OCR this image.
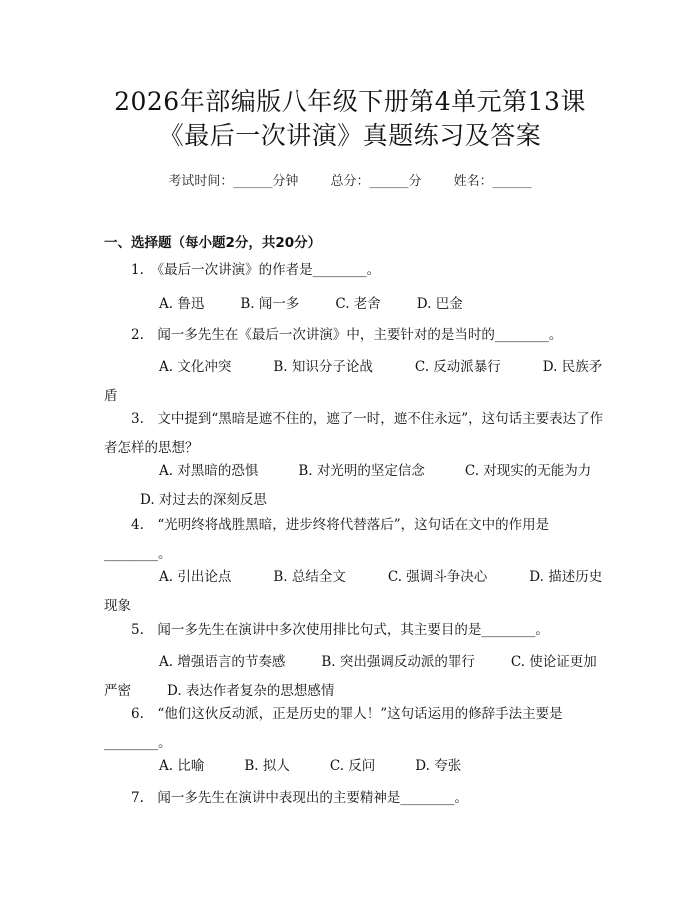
2026年部编版八年级下册第4单元第13课
《最后一次讲演》真题练习及答案
考试时间：______分钟 总分：______分 姓名：______
一、选择题（每小题2分，共20分）
1.　《最后一次讲演》的作者是________。
A. 鲁迅	B. 闻一多	C. 老舍	D. 巴金
2.　闻一多先生在《最后一次讲演》中，主要针对的是当时的________。
A. 文化冲突	B. 知识分子论战	C. 反动派暴行	D. 民族矛盾
3.　文中提到“黑暗是遮不住的，遮了一时，遮不住永远”，这句话主要表达了作者怎样的思想？
A. 对黑暗的恐惧	B. 对光明的坚定信念	C. 对现实的无能为力D. 对过去的深刻反思
4.　“光明终将战胜黑暗，进步终将代替落后”，这句话在文中的作用是________。
A. 引出论点	B. 总结全文	C. 强调斗争决心	D. 描述历史现象
5.　闻一多先生在演讲中多次使用排比句式，其主要目的是________。
A. 增强语言的节奏感	B. 突出强调反动派的罪行	C. 使论证更加严密	D. 表达作者复杂的思想感情
6.　“他们这伙反动派，正是历史的罪人！”这句话运用的修辞手法主要是________。
A. 比喻	B. 拟人	C. 反问	D. 夸张
7.　闻一多先生在演讲中表现出的主要精神是________。
